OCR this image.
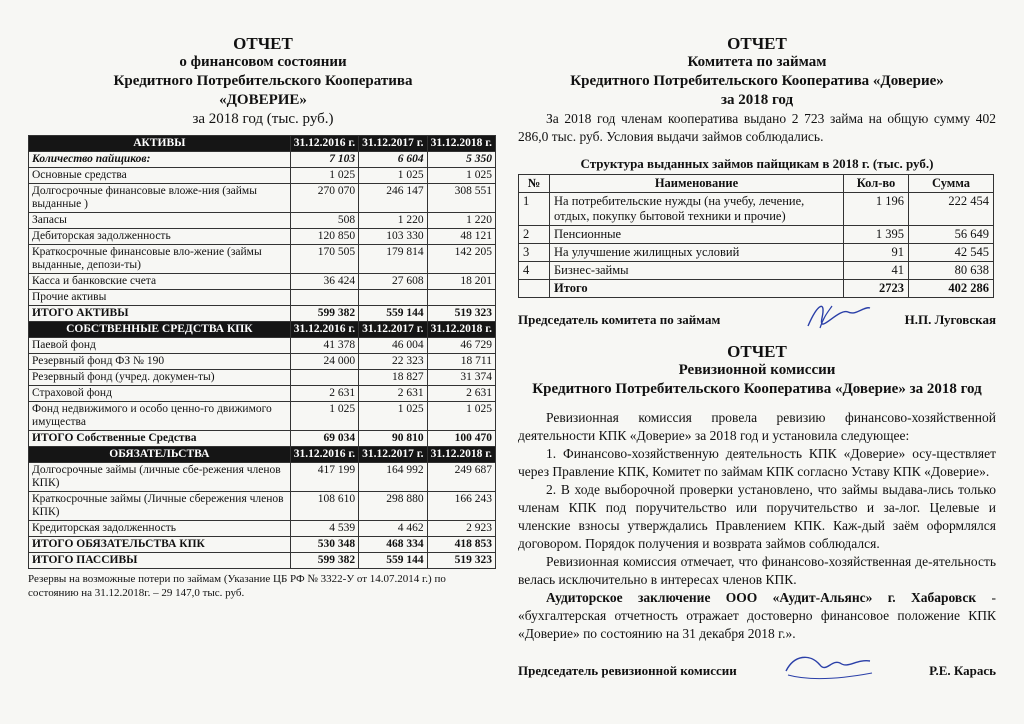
ОТЧЕТ
о финансовом состоянии
Кредитного Потребительского Кооператива
«ДОВЕРИЕ»
за 2018 год (тыс. руб.)
АКТИВЫ	31.12.2016 г.	31.12.2017 г.	31.12.2018 г.
Количество пайщиков:	7 103	6 604	5 350
Основные средства	1 025	1 025	1 025
Долгосрочные финансовые вложе-ния (займы выданные )	270 070	246 147	308 551
Запасы	508	1 220	1 220
Дебиторская задолженность	120 850	103 330	48 121
Краткосрочные финансовые вло-жение (займы выданные, депози-ты)	170 505	179 814	142 205
Касса и банковские счета	36 424	27 608	18 201
Прочие активы			
ИТОГО АКТИВЫ	599 382	559 144	519 323
СОБСТВЕННЫЕ СРЕДСТВА КПК	31.12.2016 г.	31.12.2017 г.	31.12.2018 г.
Паевой фонд	41 378	46 004	46 729
Резервный фонд ФЗ № 190	24 000	22 323	18 711
Резервный фонд (учред. докумен-ты)		18 827	31 374
Страховой фонд	2 631	2 631	2 631
Фонд недвижимого и особо ценно-го движимого имущества	1 025	1 025	1 025
ИТОГО Собственные Средства	69 034	90 810	100 470
ОБЯЗАТЕЛЬСТВА	31.12.2016 г.	31.12.2017 г.	31.12.2018 г.
Долгосрочные займы (личные сбе-режения членов КПК)	417 199	164 992	249 687
Краткосрочные займы (Личные сбережения членов КПК)	108 610	298 880	166 243
Кредиторская задолженность	4 539	4 462	2 923
ИТОГО ОБЯЗАТЕЛЬСТВА КПК	530 348	468 334	418 853
ИТОГО ПАССИВЫ	599 382	559 144	519 323
Резервы на возможные потери по займам (Указание ЦБ РФ № 3322-У от 14.07.2014 г.) по состоянию на 31.12.2018г. – 29 147,0 тыс. руб.
ОТЧЕТ
Комитета по займам
Кредитного Потребительского Кооператива «Доверие»
за 2018 год
За 2018 год членам кооператива выдано 2 723 займа на общую сумму 402 286,0 тыс. руб. Условия выдачи займов соблюдались.
Структура выданных займов пайщикам в 2018 г. (тыс. руб.)
№	Наименование	Кол-во	Сумма
1	На потребительские нужды (на учебу, лечение, отдых, покупку бытовой техники и прочие)	1 196	222 454
2	Пенсионные	1 395	56 649
3	На улучшение жилищных условий	91	42 545
4	Бизнес-займы	41	80 638
	Итого	2723	402 286
Председатель комитета по займам	Н.П. Луговская
ОТЧЕТ
Ревизионной комиссии
Кредитного Потребительского Кооператива «Доверие» за 2018 год
Ревизионная комиссия провела ревизию финансово-хозяйственной деятельности КПК «Доверие» за 2018 год и установила следующее:
1. Финансово-хозяйственную деятельность КПК «Доверие» осу-ществляет через Правление КПК, Комитет по займам КПК согласно Уставу КПК «Доверие».
2. В ходе выборочной проверки установлено, что займы выдава-лись только членам КПК под поручительство или поручительство и за-лог. Целевые и членские взносы утверждались Правлением КПК. Каж-дый заём оформлялся договором. Порядок получения и возврата займов соблюдался.
Ревизионная комиссия отмечает, что финансово-хозяйственная де-ятельность велась исключительно в интересах членов КПК.
Аудиторское заключение ООО «Аудит-Альянс» г. Хабаровск - «бухгалтерская отчетность отражает достоверно финансовое положение КПК «Доверие» по состоянию на 31 декабря 2018 г.».
Председатель ревизионной комиссии	Р.Е. Карась
